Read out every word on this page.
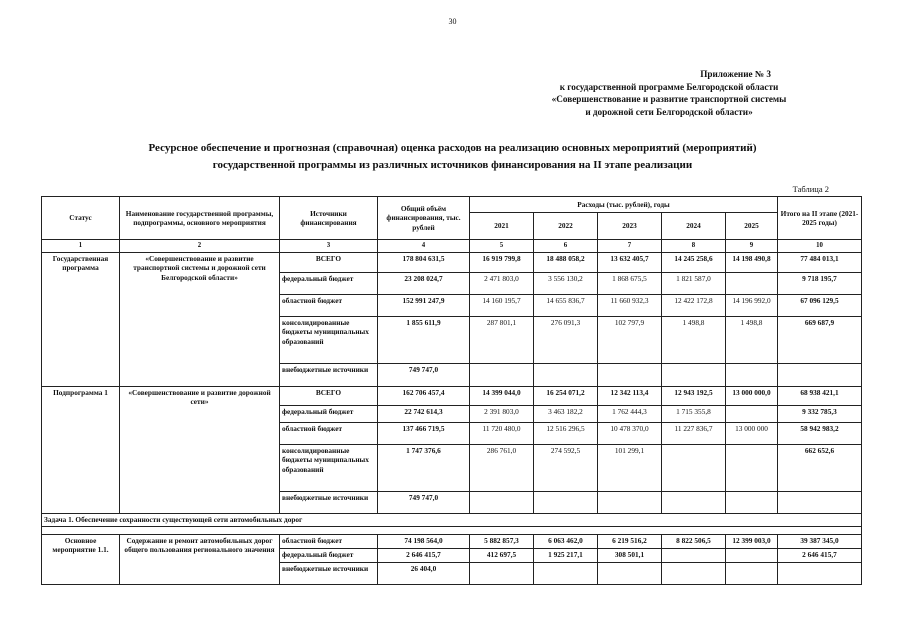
30
Приложение № 3
к государственной программе Белгородской области
«Совершенствование и развитие транспортной системы
и дорожной сети Белгородской области»
Ресурсное обеспечение и прогнозная (справочная) оценка расходов на реализацию основных мероприятий (мероприятий)
государственной программы из различных источников финансирования на II этапе реализации
Таблица 2
Статус	Наименование государственной программы, подпрограммы, основного мероприятия	Источники финансирования	Общий объём финансирования, тыс. рублей	Расходы (тыс. рублей), годы					Итого на II этапе (2021-2025 годы)
				2021	2022	2023	2024	2025	
1	2	3	4	5	6	7	8	9	10
Государственная программа	«Совершенствование и развитие транспортной системы и дорожной сети Белгородской области»	ВСЕГО	178 804 631,5	16 919 799,8	18 488 058,2	13 632 405,7	14 245 258,6	14 198 490,8	77 484 013,1
		федеральный бюджет	23 208 024,7	2 471 803,0	3 556 130,2	1 868 675,5	1 821 587,0		9 718 195,7
		областной бюджет	152 991 247,9	14 160 195,7	14 655 836,7	11 660 932,3	12 422 172,8	14 196 992,0	67 096 129,5
		консолидированные бюджеты муниципальных образований	1 855 611,9	287 801,1	276 091,3	102 797,9	1 498,8	1 498,8	669 687,9
		внебюджетные источники	749 747,0						
Подпрограмма 1	«Совершенствование и развитие дорожной сети»	ВСЕГО	162 706 457,4	14 399 044,0	16 254 071,2	12 342 113,4	12 943 192,5	13 000 000,0	68 938 421,1
		федеральный бюджет	22 742 614,3	2 391 803,0	3 463 182,2	1 762 444,3	1 715 355,8		9 332 785,3
		областной бюджет	137 466 719,5	11 720 480,0	12 516 296,5	10 478 370,0	11 227 836,7	13 000 000	58 942 983,2
		консолидированные бюджеты муниципальных образований	1 747 376,6	286 761,0	274 592,5	101 299,1			662 652,6
		внебюджетные источники	749 747,0						
Задача 1. Обеспечение сохранности существующей сети автомобильных дорог									

Основное мероприятие 1.1.	Содержание и ремонт автомобильных дорог общего пользования регионального значения	областной бюджет	74 198 564,0	5 882 857,3	6 063 462,0	6 219 516,2	8 822 506,5	12 399 003,0	39 387 345,0
		федеральный бюджет	2 646 415,7	412 697,5	1 925 217,1	308 501,1			2 646 415,7
		внебюджетные источники	26 404,0						
